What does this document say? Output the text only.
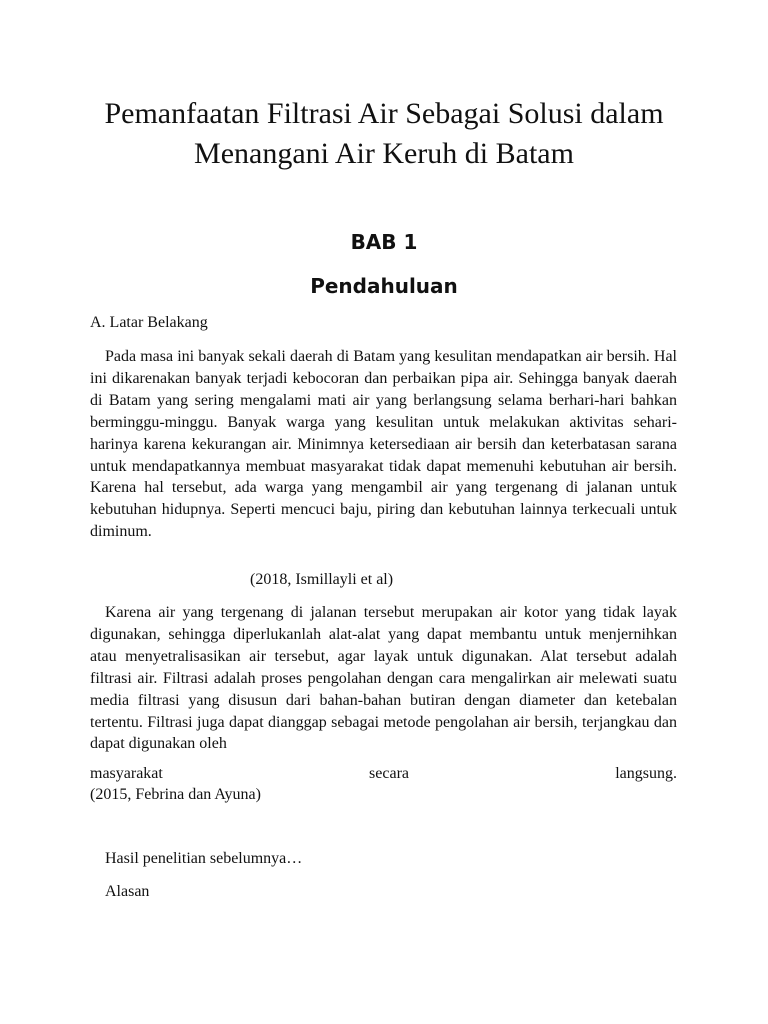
Pemanfaatan Filtrasi Air Sebagai Solusi dalam
Menangani Air Keruh di Batam
BAB 1
Pendahuluan

A. Latar Belakang

Pada masa ini banyak sekali daerah di Batam yang kesulitan mendapatkan air bersih. Hal ini dikarenakan banyak terjadi kebocoran dan perbaikan pipa air. Sehingga banyak daerah di Batam yang sering mengalami mati air yang berlangsung selama berhari-hari bahkan berminggu-minggu. Banyak warga yang kesulitan untuk melakukan aktivitas sehari-harinya karena kekurangan air. Minimnya ketersediaan air bersih dan keterbatasan sarana untuk mendapatkannya membuat masyarakat tidak dapat memenuhi kebutuhan air bersih. Karena hal tersebut, ada warga yang mengambil air yang tergenang di jalanan untuk kebutuhan hidupnya. Seperti mencuci baju, piring dan kebutuhan lainnya terkecuali untuk diminum.

(2018, Ismillayli et al)

Karena air yang tergenang di jalanan tersebut merupakan air kotor yang tidak layak digunakan, sehingga diperlukanlah alat-alat yang dapat membantu untuk menjernihkan atau menyetralisasikan air tersebut, agar layak untuk digunakan. Alat tersebut adalah filtrasi air. Filtrasi adalah proses pengolahan dengan cara mengalirkan air melewati suatu media filtrasi yang disusun dari bahan-bahan butiran dengan diameter dan ketebalan tertentu. Filtrasi juga dapat dianggap sebagai metode pengolahan air bersih, terjangkau dan dapat digunakan oleh

masyarakat	secara	langsung.

(2015, Febrina dan Ayuna)

Hasil penelitian sebelumnya…

Alasan
